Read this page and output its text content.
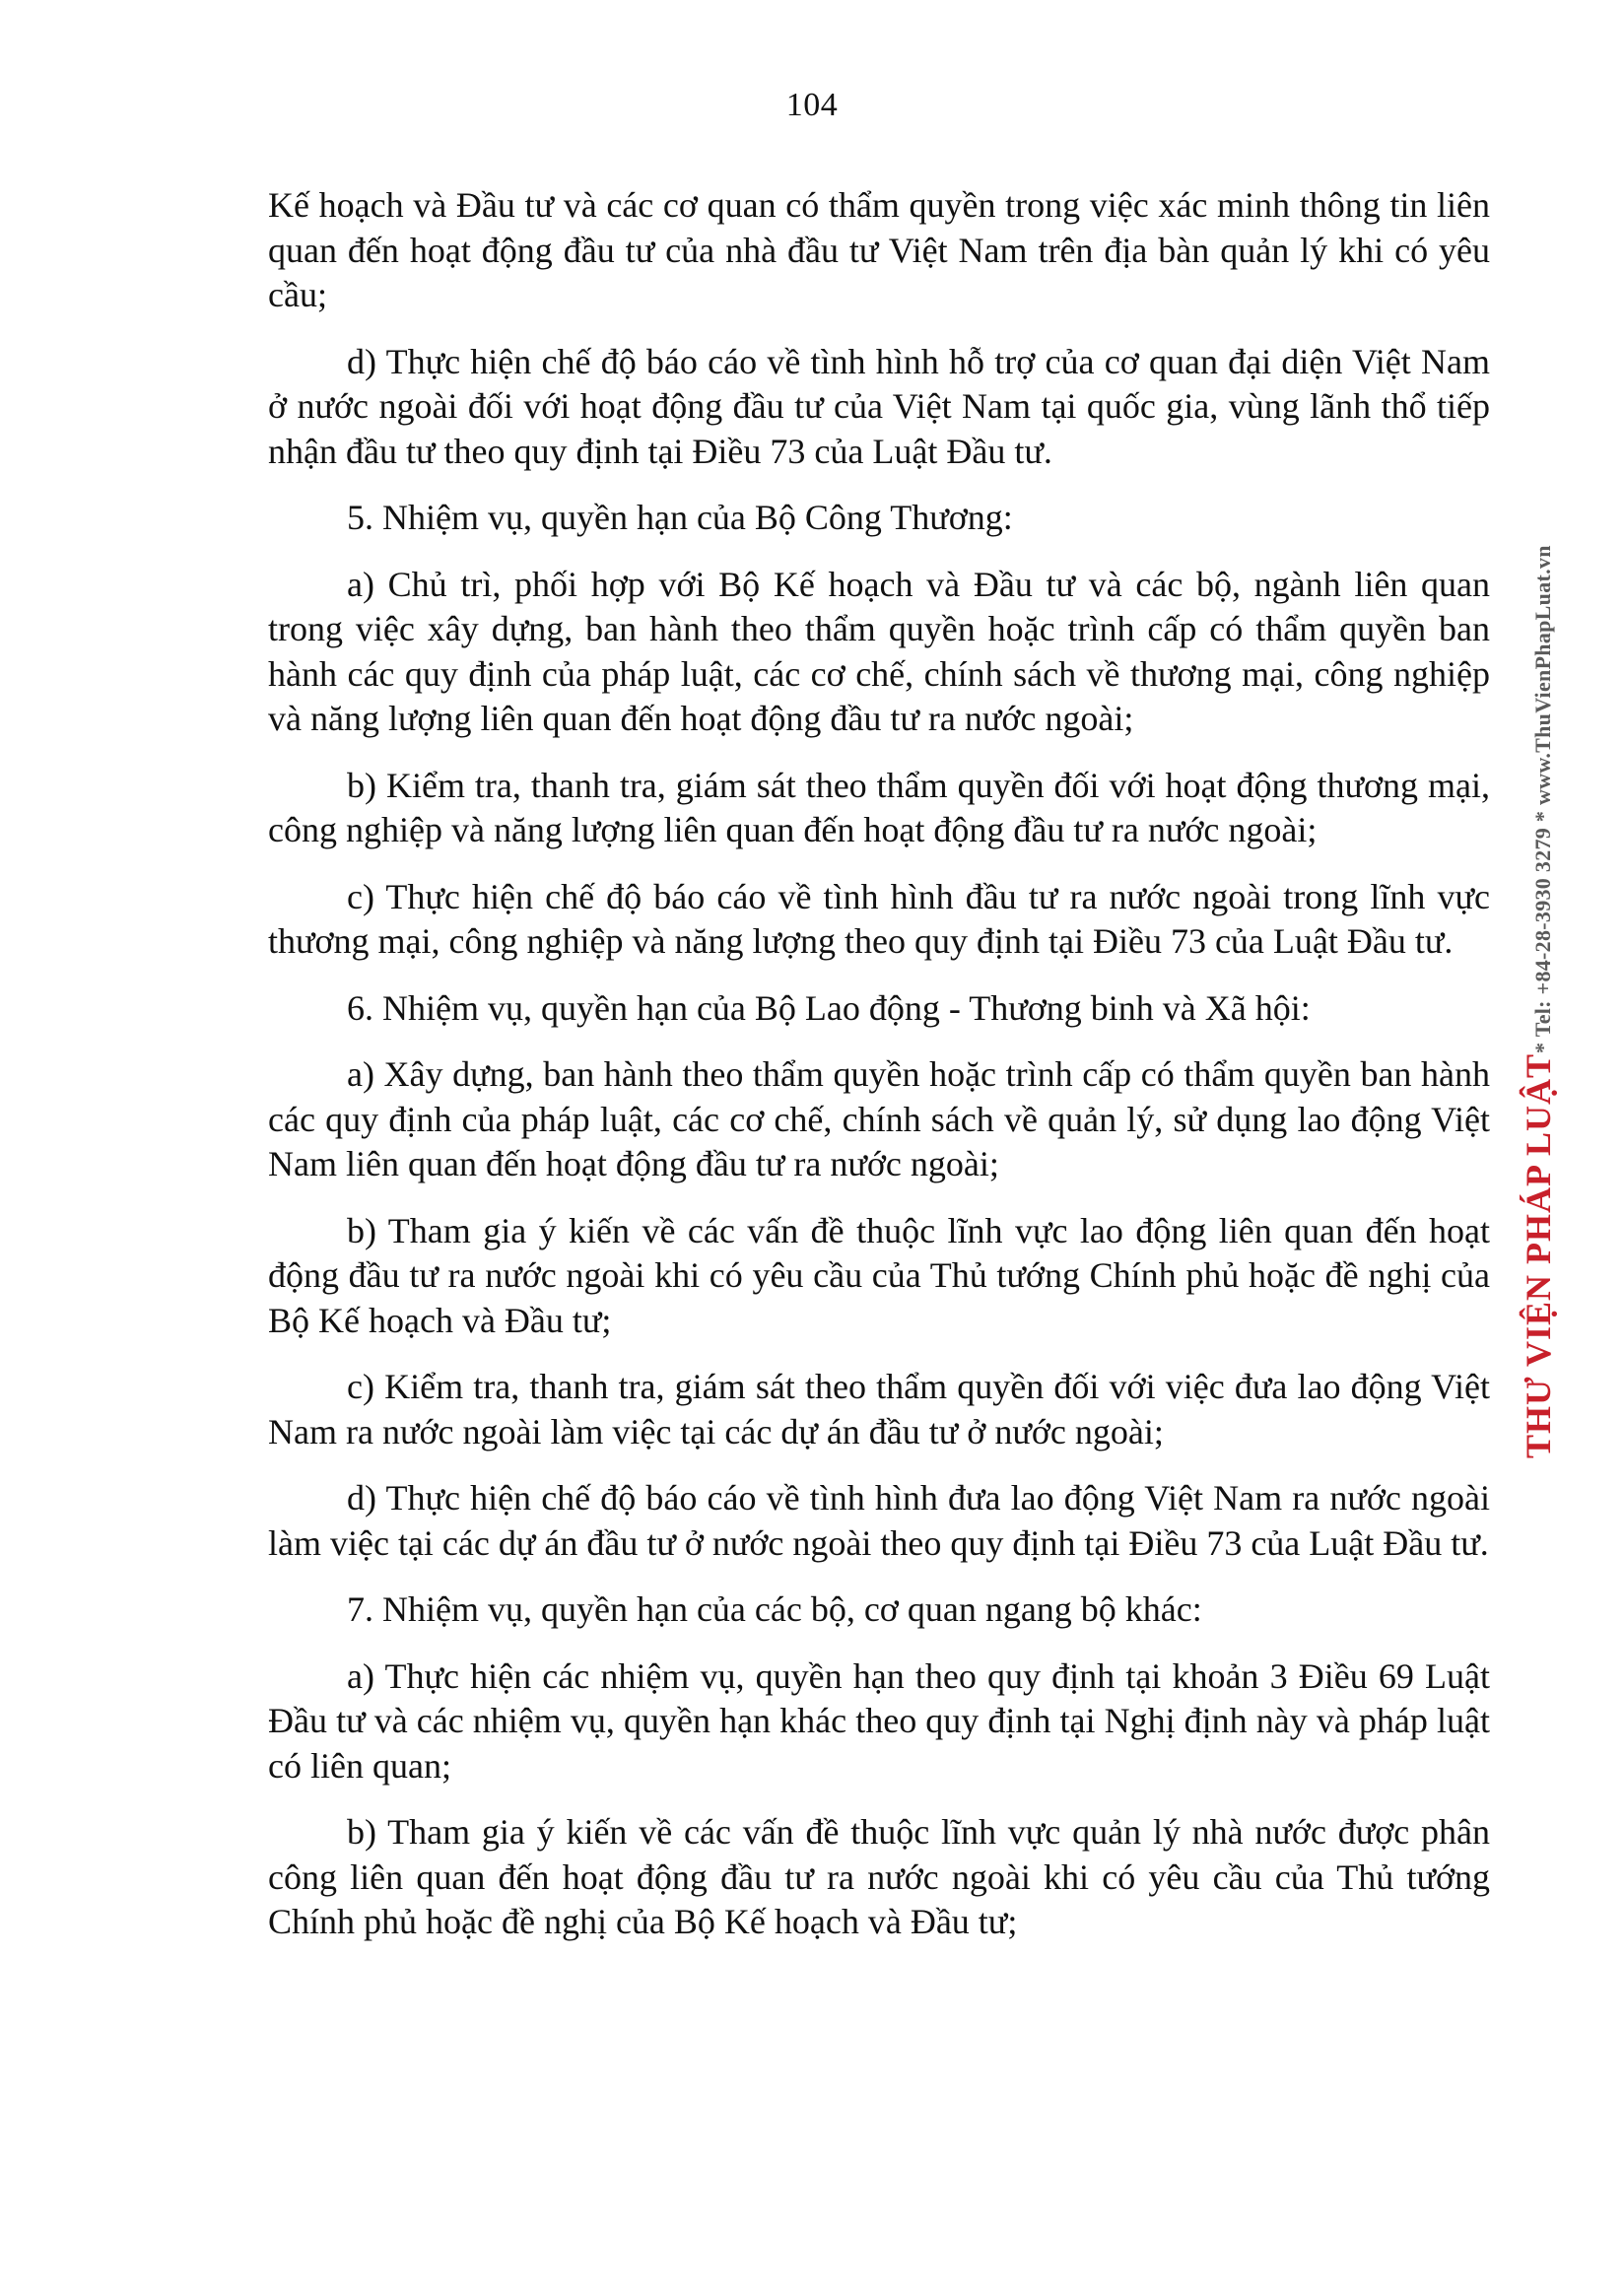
104

Kế hoạch và Đầu tư và các cơ quan có thẩm quyền trong việc xác minh thông tin liên quan đến hoạt động đầu tư của nhà đầu tư Việt Nam trên địa bàn quản lý khi có yêu cầu;

d) Thực hiện chế độ báo cáo về tình hình hỗ trợ của cơ quan đại diện Việt Nam ở nước ngoài đối với hoạt động đầu tư của Việt Nam tại quốc gia, vùng lãnh thổ tiếp nhận đầu tư theo quy định tại Điều 73 của Luật Đầu tư.

5. Nhiệm vụ, quyền hạn của Bộ Công Thương:

a) Chủ trì, phối hợp với Bộ Kế hoạch và Đầu tư và các bộ, ngành liên quan trong việc xây dựng, ban hành theo thẩm quyền hoặc trình cấp có thẩm quyền ban hành các quy định của pháp luật, các cơ chế, chính sách về thương mại, công nghiệp và năng lượng liên quan đến hoạt động đầu tư ra nước ngoài;

b) Kiểm tra, thanh tra, giám sát theo thẩm quyền đối với hoạt động thương mại, công nghiệp và năng lượng liên quan đến hoạt động đầu tư ra nước ngoài;

c) Thực hiện chế độ báo cáo về tình hình đầu tư ra nước ngoài trong lĩnh vực thương mại, công nghiệp và năng lượng theo quy định tại Điều 73 của Luật Đầu tư.

6. Nhiệm vụ, quyền hạn của Bộ Lao động - Thương binh và Xã hội:

a) Xây dựng, ban hành theo thẩm quyền hoặc trình cấp có thẩm quyền ban hành các quy định của pháp luật, các cơ chế, chính sách về quản lý, sử dụng lao động Việt Nam liên quan đến hoạt động đầu tư ra nước ngoài;

b) Tham gia ý kiến về các vấn đề thuộc lĩnh vực lao động liên quan đến hoạt động đầu tư ra nước ngoài khi có yêu cầu của Thủ tướng Chính phủ hoặc đề nghị của Bộ Kế hoạch và Đầu tư;

c) Kiểm tra, thanh tra, giám sát theo thẩm quyền đối với việc đưa lao động Việt Nam ra nước ngoài làm việc tại các dự án đầu tư ở nước ngoài;

d) Thực hiện chế độ báo cáo về tình hình đưa lao động Việt Nam ra nước ngoài làm việc tại các dự án đầu tư ở nước ngoài theo quy định tại Điều 73 của Luật Đầu tư.

7. Nhiệm vụ, quyền hạn của các bộ, cơ quan ngang bộ khác:

a) Thực hiện các nhiệm vụ, quyền hạn theo quy định tại khoản 3 Điều 69 Luật Đầu tư và các nhiệm vụ, quyền hạn khác theo quy định tại Nghị định này và pháp luật có liên quan;

b) Tham gia ý kiến về các vấn đề thuộc lĩnh vực quản lý nhà nước được phân công liên quan đến hoạt động đầu tư ra nước ngoài khi có yêu cầu của Thủ tướng Chính phủ hoặc đề nghị của Bộ Kế hoạch và Đầu tư;

THƯ VIỆN PHÁP LUẬT* Tel: +84-28-3930 3279 * www.ThuVienPhapLuat.vn
